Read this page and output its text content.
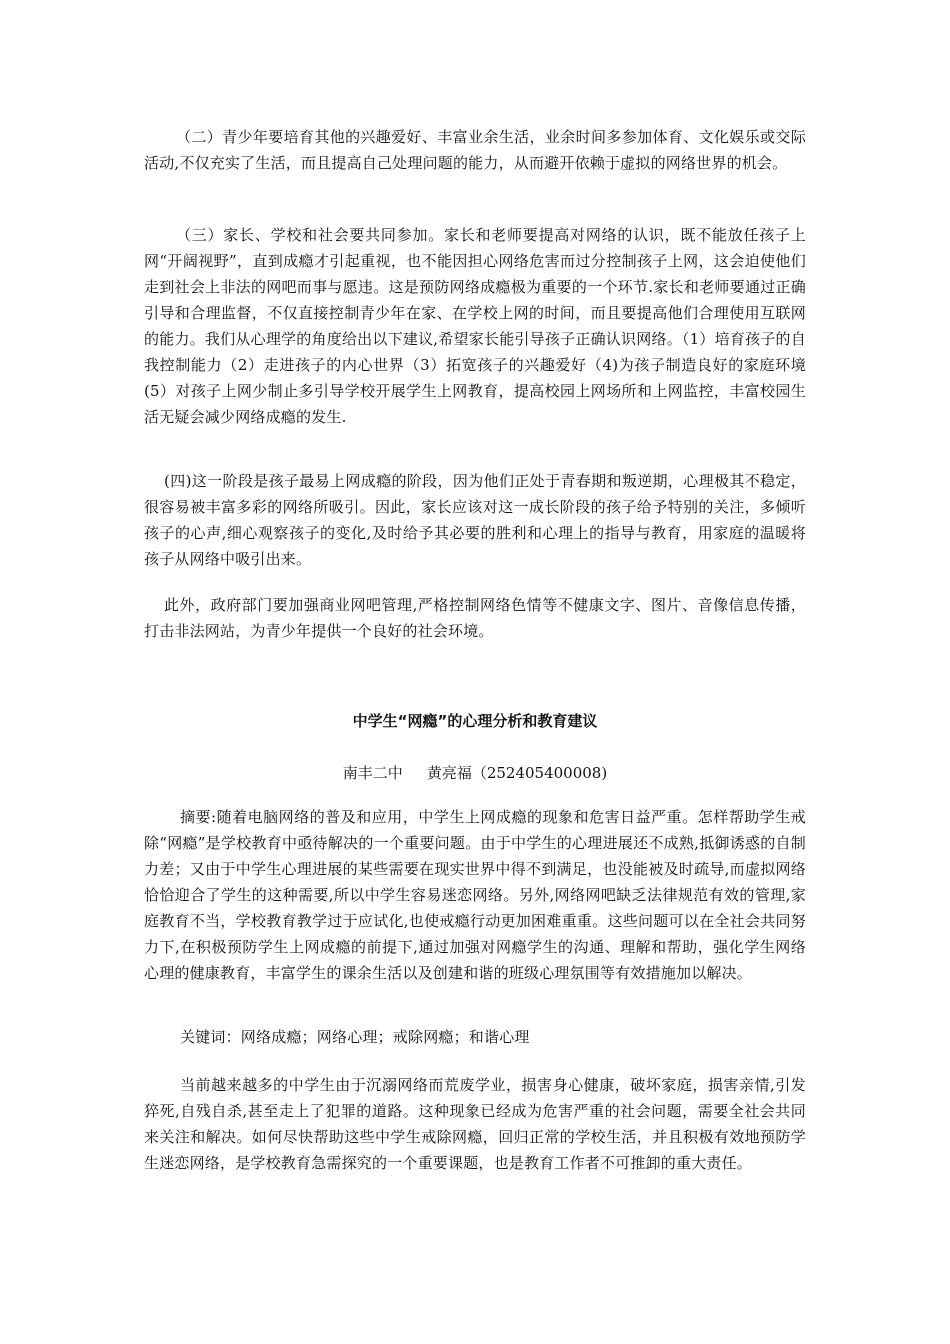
（二）青少年要培育其他的兴趣爱好、丰富业余生活，业余时间多参加体育、文化娱乐或交际活动,不仅充实了生活，而且提高自己处理问题的能力，从而避开依赖于虚拟的网络世界的机会。

（三）家长、学校和社会要共同参加。家长和老师要提高对网络的认识，既不能放任孩子上网“开阔视野”，直到成瘾才引起重视，也不能因担心网络危害而过分控制孩子上网，这会迫使他们走到社会上非法的网吧而事与愿违。这是预防网络成瘾极为重要的一个环节.家长和老师要通过正确引导和合理监督，不仅直接控制青少年在家、在学校上网的时间，而且要提高他们合理使用互联网的能力。我们从心理学的角度给出以下建议,希望家长能引导孩子正确认识网络。（1）培育孩子的自我控制能力（2）走进孩子的内心世界（3）拓宽孩子的兴趣爱好（4)为孩子制造良好的家庭环境(5）对孩子上网少制止多引导学校开展学生上网教育，提高校园上网场所和上网监控，丰富校园生活无疑会减少网络成瘾的发生.

(四)这一阶段是孩子最易上网成瘾的阶段，因为他们正处于青春期和叛逆期，心理极其不稳定，很容易被丰富多彩的网络所吸引。因此，家长应该对这一成长阶段的孩子给予特别的关注，多倾听孩子的心声,细心观察孩子的变化,及时给予其必要的胜利和心理上的指导与教育，用家庭的温暖将孩子从网络中吸引出来。

此外，政府部门要加强商业网吧管理,严格控制网络色情等不健康文字、图片、音像信息传播，打击非法网站，为青少年提供一个良好的社会环境。

中学生“网瘾”的心理分析和教育建议

南丰二中 黄亮福（252405400008)

摘要:随着电脑网络的普及和应用，中学生上网成瘾的现象和危害日益严重。怎样帮助学生戒除“网瘾”是学校教育中亟待解决的一个重要问题。由于中学生的心理进展还不成熟,抵御诱惑的自制力差；又由于中学生心理进展的某些需要在现实世界中得不到满足，也没能被及时疏导,而虚拟网络恰恰迎合了学生的这种需要,所以中学生容易迷恋网络。另外,网络网吧缺乏法律规范有效的管理,家庭教育不当，学校教育教学过于应试化,也使戒瘾行动更加困难重重。这些问题可以在全社会共同努力下,在积极预防学生上网成瘾的前提下,通过加强对网瘾学生的沟通、理解和帮助，强化学生网络心理的健康教育，丰富学生的课余生活以及创建和谐的班级心理氛围等有效措施加以解决。

关键词：网络成瘾；网络心理；戒除网瘾；和谐心理

当前越来越多的中学生由于沉溺网络而荒废学业，损害身心健康，破坏家庭，损害亲情,引发猝死,自残自杀,甚至走上了犯罪的道路。这种现象已经成为危害严重的社会问题，需要全社会共同来关注和解决。如何尽快帮助这些中学生戒除网瘾，回归正常的学校生活，并且积极有效地预防学生迷恋网络，是学校教育急需探究的一个重要课题，也是教育工作者不可推卸的重大责任。
